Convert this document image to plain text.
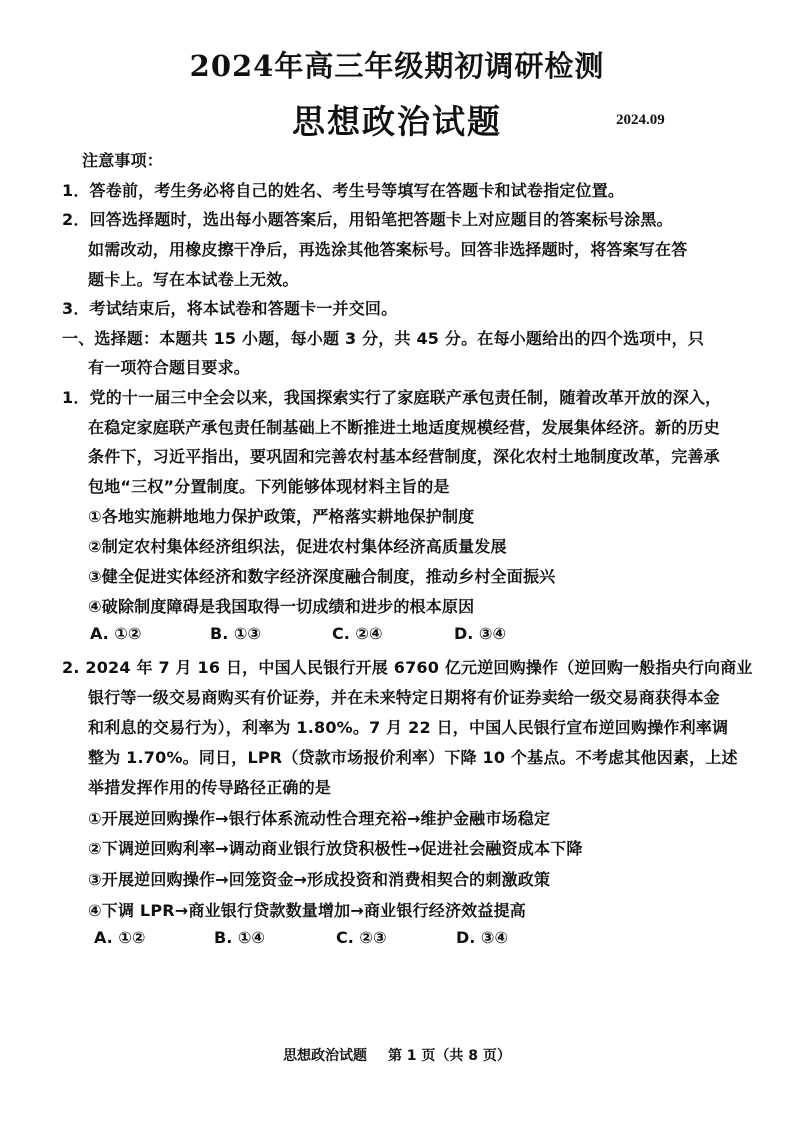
2024年高三年级期初调研检测
思想政治试题	2024.09
注意事项：
1．答卷前，考生务必将自己的姓名、考生号等填写在答题卡和试卷指定位置。
2．回答选择题时，选出每小题答案后，用铅笔把答题卡上对应题目的答案标号涂黑。
如需改动，用橡皮擦干净后，再选涂其他答案标号。回答非选择题时，将答案写在答
题卡上。写在本试卷上无效。
3．考试结束后，将本试卷和答题卡一并交回。
一、选择题：本题共 15 小题，每小题 3 分，共 45 分。在每小题给出的四个选项中，只
有一项符合题目要求。
1．党的十一届三中全会以来，我国探索实行了家庭联产承包责任制，随着改革开放的深入，
在稳定家庭联产承包责任制基础上不断推进土地适度规模经营，发展集体经济。新的历史
条件下，习近平指出，要巩固和完善农村基本经营制度，深化农村土地制度改革，完善承
包地“三权”分置制度。下列能够体现材料主旨的是
①各地实施耕地地力保护政策，严格落实耕地保护制度
②制定农村集体经济组织法，促进农村集体经济高质量发展
③健全促进实体经济和数字经济深度融合制度，推动乡村全面振兴
④破除制度障碍是我国取得一切成绩和进步的根本原因
A. ①②	B. ①③	C. ②④	D. ③④
2. 2024 年 7 月 16 日，中国人民银行开展 6760 亿元逆回购操作（逆回购一般指央行向商业
银行等一级交易商购买有价证券，并在未来特定日期将有价证券卖给一级交易商获得本金
和利息的交易行为），利率为 1.80%。7 月 22 日，中国人民银行宣布逆回购操作利率调
整为 1.70%。同日，LPR（贷款市场报价利率）下降 10 个基点。不考虑其他因素，上述
举措发挥作用的传导路径正确的是
①开展逆回购操作→银行体系流动性合理充裕→维护金融市场稳定
②下调逆回购利率→调动商业银行放贷积极性→促进社会融资成本下降
③开展逆回购操作→回笼资金→形成投资和消费相契合的刺激政策
④下调 LPR→商业银行贷款数量增加→商业银行经济效益提高
A. ①②	B. ①④	C. ②③	D. ③④
思想政治试题 第 1 页（共 8 页）
